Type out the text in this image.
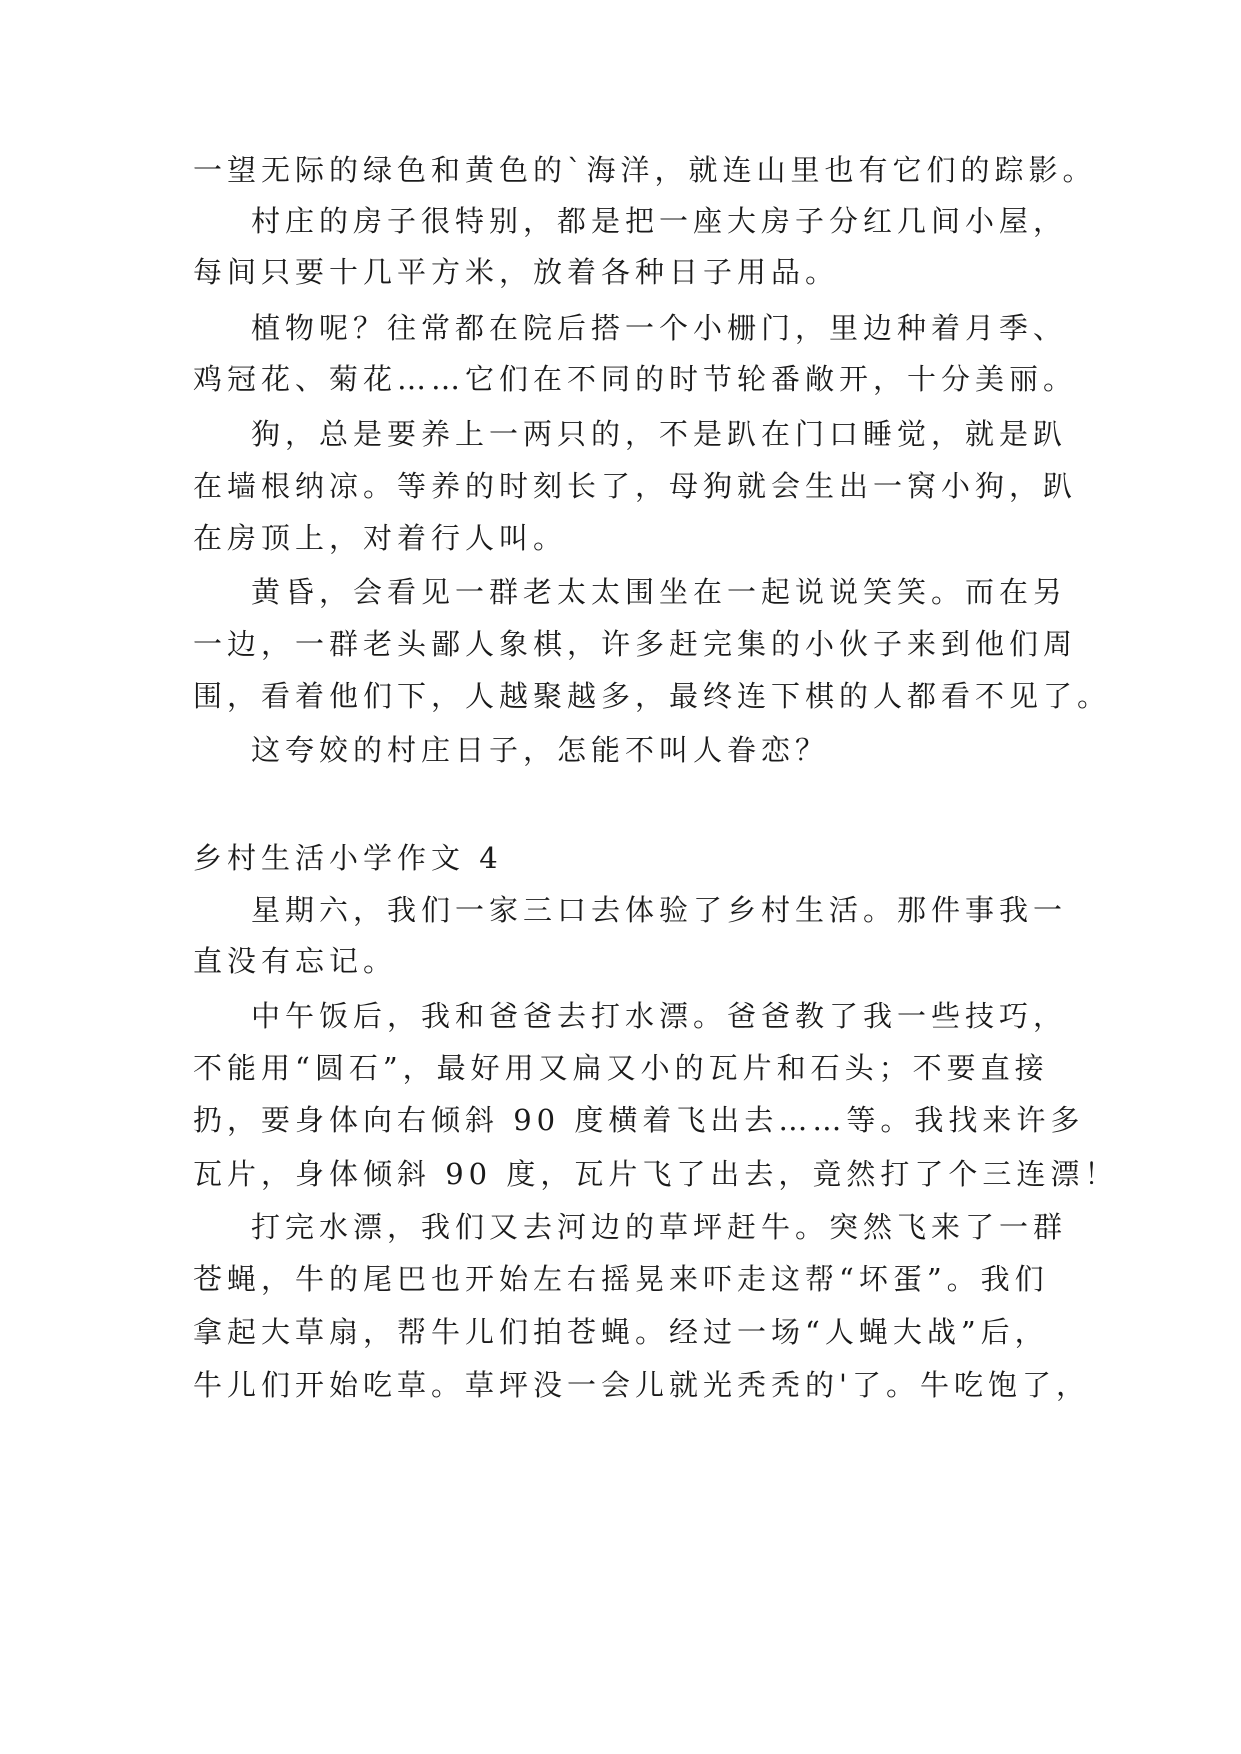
一望无际的绿色和黄色的`海洋，就连山里也有它们的踪影。
村庄的房子很特别，都是把一座大房子分红几间小屋，
每间只要十几平方米，放着各种日子用品。
植物呢？往常都在院后搭一个小栅门，里边种着月季、
鸡冠花、菊花……它们在不同的时节轮番敞开，十分美丽。
狗，总是要养上一两只的，不是趴在门口睡觉，就是趴
在墙根纳凉。等养的时刻长了，母狗就会生出一窝小狗，趴
在房顶上，对着行人叫。
黄昏，会看见一群老太太围坐在一起说说笑笑。而在另
一边，一群老头鄙人象棋，许多赶完集的小伙子来到他们周
围，看着他们下，人越聚越多，最终连下棋的人都看不见了。
这夸姣的村庄日子，怎能不叫人眷恋？
乡村生活小学作文 4
星期六，我们一家三口去体验了乡村生活。那件事我一
直没有忘记。
中午饭后，我和爸爸去打水漂。爸爸教了我一些技巧，
不能用“圆石”，最好用又扁又小的瓦片和石头；不要直接
扔，要身体向右倾斜 90 度横着飞出去……等。我找来许多
瓦片，身体倾斜 90 度，瓦片飞了出去，竟然打了个三连漂！
打完水漂，我们又去河边的草坪赶牛。突然飞来了一群
苍蝇，牛的尾巴也开始左右摇晃来吓走这帮“坏蛋”。我们
拿起大草扇，帮牛儿们拍苍蝇。经过一场“人蝇大战”后，
牛儿们开始吃草。草坪没一会儿就光秃秃的'了。牛吃饱了，
